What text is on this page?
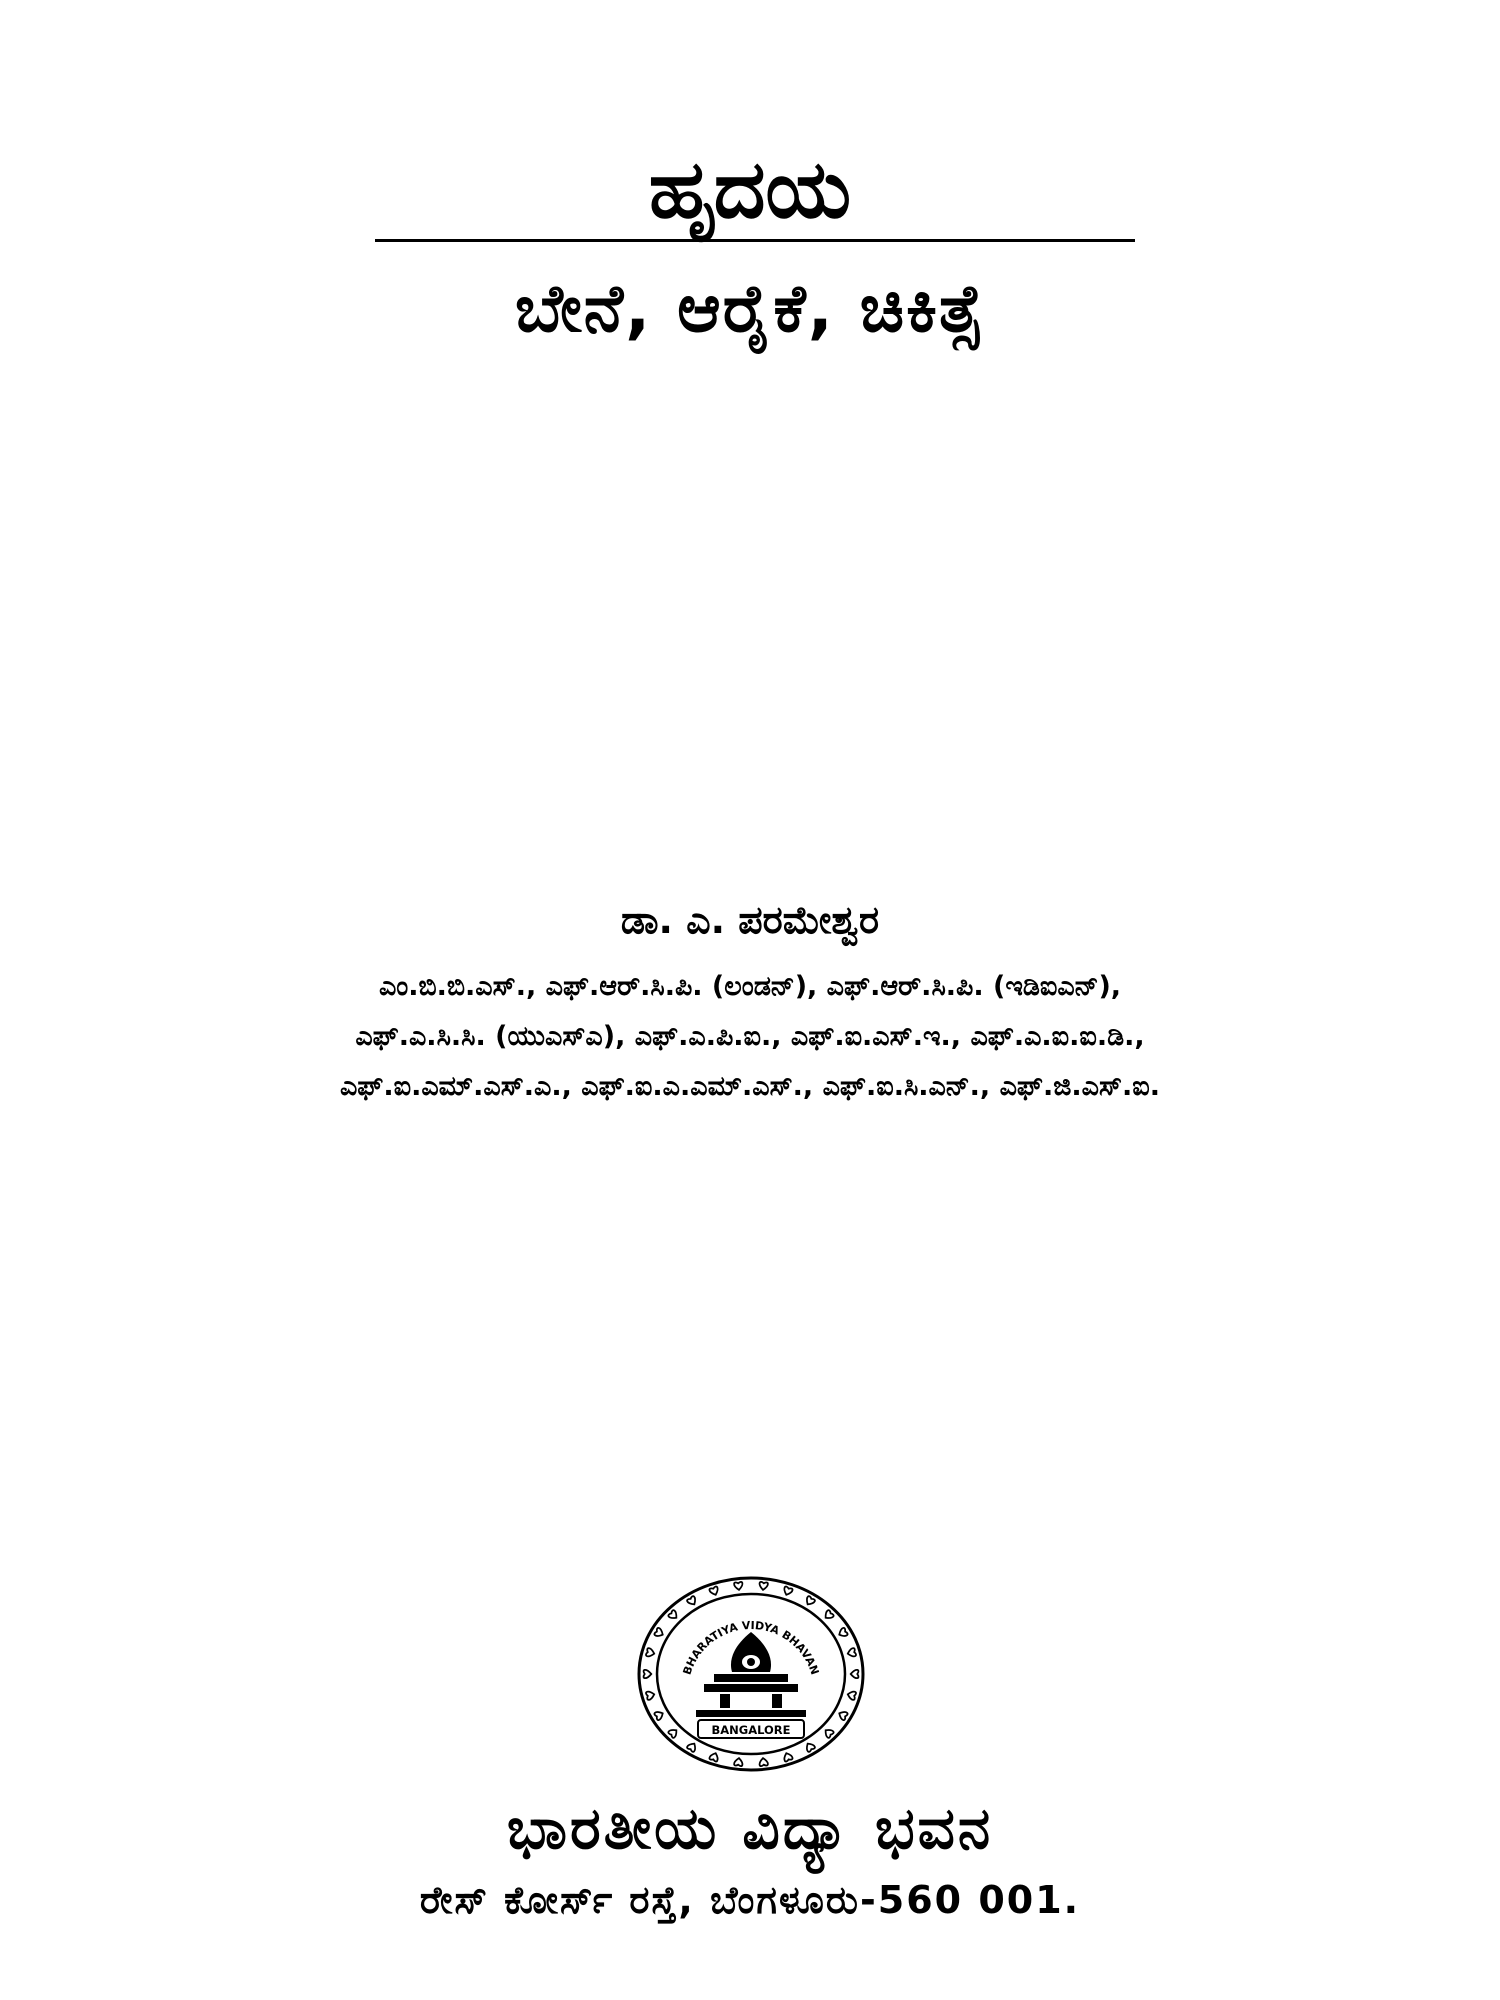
ಹೃದಯ
ಬೇನೆ, ಆರೈಕೆ, ಚಿಕಿತ್ಸೆ
ಡಾ. ಎ. ಪರಮೇಶ್ವರ
ಎಂ.ಬಿ.ಬಿ.ಎಸ್., ಎಫ್.ಆರ್.ಸಿ.ಪಿ. (ಲಂಡನ್), ಎಫ್.ಆರ್.ಸಿ.ಪಿ. (ಇಡಿಐಎನ್),
ಎಫ್.ಎ.ಸಿ.ಸಿ. (ಯುಎಸ್ಎ), ಎಫ್.ಎ.ಪಿ.ಐ., ಎಫ್.ಐ.ಎಸ್.ಇ., ಎಫ್.ಎ.ಐ.ಐ.ಡಿ.,
ಎಫ್.ಐ.ಎಮ್.ಎಸ್.ಎ., ಎಫ್.ಐ.ಎ.ಎಮ್.ಎಸ್., ಎಫ್.ಐ.ಸಿ.ಎನ್., ಎಫ್.ಜಿ.ಎಸ್.ಐ.
BHARATIYA VIDYA BHAVAN
BANGALORE
ಭಾರತೀಯ ವಿದ್ಯಾ ಭವನ
ರೇಸ್ ಕೋರ್ಸ್ ರಸ್ತೆ, ಬೆಂಗಳೂರು-560 001.
